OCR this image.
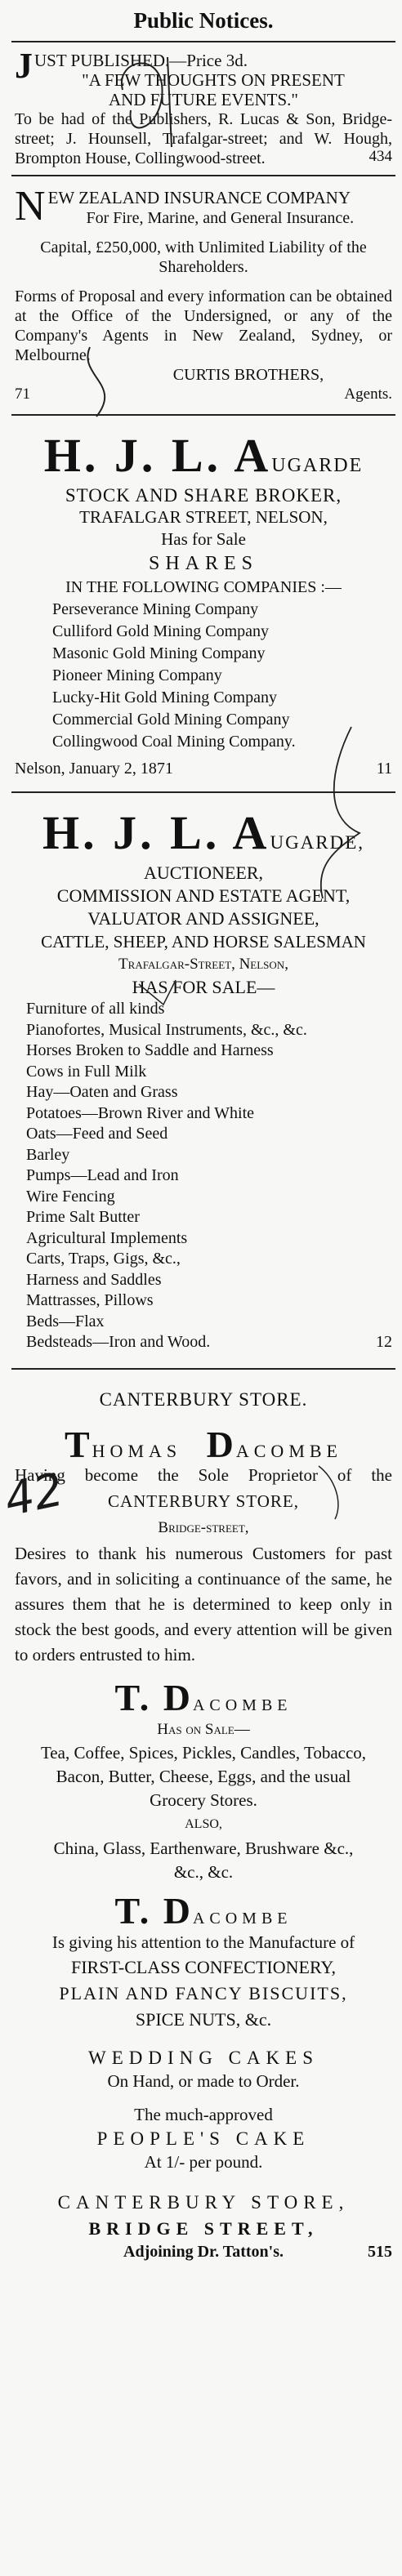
Public Notices.
J UST PUBLISHED.—Price 3d.
"A FEW THOUGHTS ON PRESENT
AND FUTURE EVENTS."
To be had of the Publishers, R. Lucas & Son, Bridge-street; J. Hounsell, Trafalgar-street; and W. Hough, Brompton House, Collingwood-street.	434
N EW ZEALAND INSURANCE COMPANY
For Fire, Marine, and General Insurance.
Capital, £250,000, with Unlimited Liability of the Shareholders.
Forms of Proposal and every information can be obtained at the Office of the Undersigned, or any of the Company's Agents in New Zealand, Sydney, or Melbourne.
CURTIS BROTHERS,
71	Agents.
H. J. L. AUGARDE
STOCK AND SHARE BROKER,
TRAFALGAR STREET, NELSON,
Has for Sale
SHARES
IN THE FOLLOWING COMPANIES :—
Perseverance Mining Company
Culliford Gold Mining Company
Masonic Gold Mining Company
Pioneer Mining Company
Lucky-Hit Gold Mining Company
Commercial Gold Mining Company
Collingwood Coal Mining Company.
Nelson, January 2, 1871	11
H. J. L. AUGARDE,
AUCTIONEER,
COMMISSION AND ESTATE AGENT,
VALUATOR AND ASSIGNEE,
CATTLE, SHEEP, AND HORSE SALESMAN
Trafalgar-Street, Nelson,
HAS FOR SALE—
Furniture of all kinds
Pianofortes, Musical Instruments, &c., &c.
Horses Broken to Saddle and Harness
Cows in Full Milk
Hay—Oaten and Grass
Potatoes—Brown River and White
Oats—Feed and Seed
Barley
Pumps—Lead and Iron
Wire Fencing
Prime Salt Butter
Agricultural Implements
Carts, Traps, Gigs, &c.,
Harness and Saddles
Mattrasses, Pillows
Beds—Flax
Bedsteads—Iron and Wood.	12
CANTERBURY STORE.
THOMAS DACOMBE
Having become the Sole Proprietor of the
CANTERBURY STORE,
Bridge-street,
Desires to thank his numerous Customers for past favors, and in soliciting a continuance of the same, he assures them that he is determined to keep only in stock the best goods, and every attention will be given to orders entrusted to him.
T. DACOMBE
Has on Sale—
Tea, Coffee, Spices, Pickles, Candles, Tobacco, Bacon, Butter, Cheese, Eggs, and the usual Grocery Stores.
ALSO,
China, Glass, Earthenware, Brushware &c., &c., &c.
T. DACOMBE
Is giving his attention to the Manufacture of
FIRST-CLASS CONFECTIONERY,
PLAIN AND FANCY BISCUITS,
SPICE NUTS, &c.
WEDDING CAKES
On Hand, or made to Order.
The much-approved
PEOPLE'S CAKE
At 1/- per pound.
CANTERBURY STORE,
BRIDGE STREET,
Adjoining Dr. Tatton's.	515
42
